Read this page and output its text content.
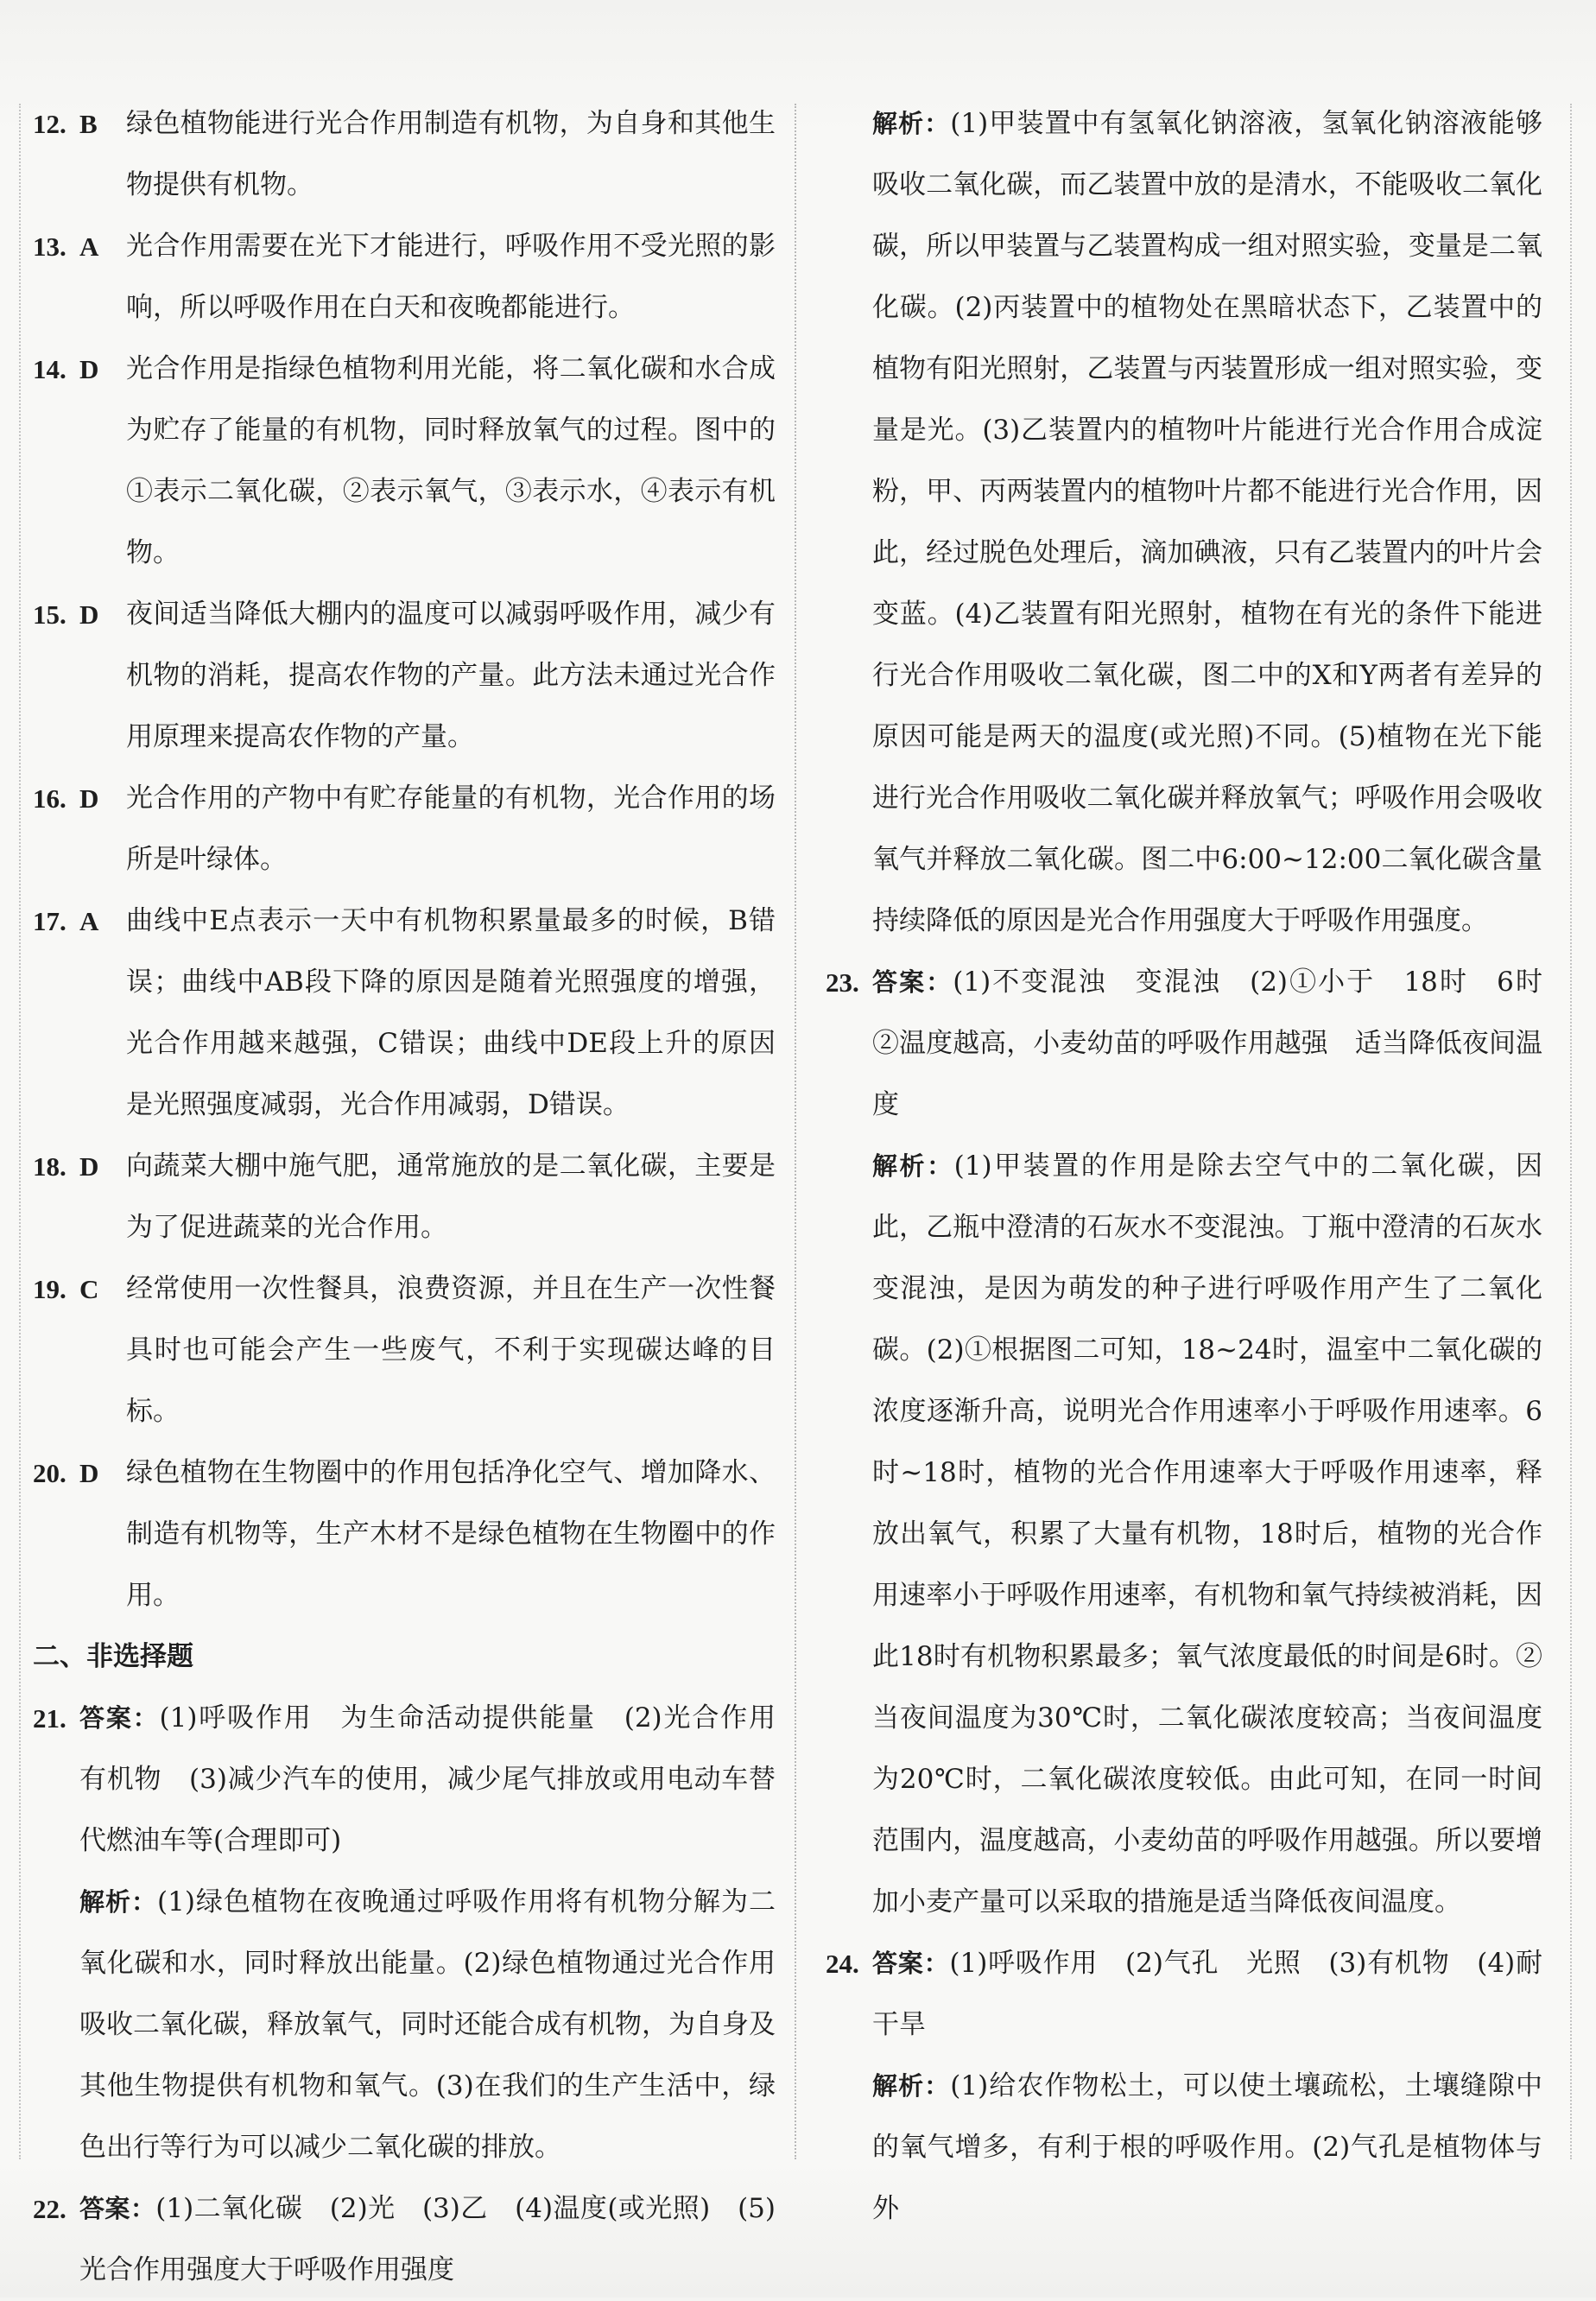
12. B	绿色植物能进行光合作用制造有机物，为自身和其他生物提供有机物。
13. A	光合作用需要在光下才能进行，呼吸作用不受光照的影响，所以呼吸作用在白天和夜晚都能进行。
14. D	光合作用是指绿色植物利用光能，将二氧化碳和水合成为贮存了能量的有机物，同时释放氧气的过程。图中的①表示二氧化碳，②表示氧气，③表示水，④表示有机物。
15. D	夜间适当降低大棚内的温度可以减弱呼吸作用，减少有机物的消耗，提高农作物的产量。此方法未通过光合作用原理来提高农作物的产量。
16. D	光合作用的产物中有贮存能量的有机物，光合作用的场所是叶绿体。
17. A	曲线中E点表示一天中有机物积累量最多的时候，B错误；曲线中AB段下降的原因是随着光照强度的增强，光合作用越来越强，C错误；曲线中DE段上升的原因是光照强度减弱，光合作用减弱，D错误。
18. D	向蔬菜大棚中施气肥，通常施放的是二氧化碳，主要是为了促进蔬菜的光合作用。
19. C	经常使用一次性餐具，浪费资源，并且在生产一次性餐具时也可能会产生一些废气，不利于实现碳达峰的目标。
20. D	绿色植物在生物圈中的作用包括净化空气、增加降水、制造有机物等，生产木材不是绿色植物在生物圈中的作用。
二、非选择题
21. 答案：(1)呼吸作用　为生命活动提供能量　(2)光合作用　有机物　(3)减少汽车的使用，减少尾气排放或用电动车替代燃油车等(合理即可)
解析：(1)绿色植物在夜晚通过呼吸作用将有机物分解为二氧化碳和水，同时释放出能量。(2)绿色植物通过光合作用吸收二氧化碳，释放氧气，同时还能合成有机物，为自身及其他生物提供有机物和氧气。(3)在我们的生产生活中，绿色出行等行为可以减少二氧化碳的排放。
22. 答案：(1)二氧化碳　(2)光　(3)乙　(4)温度(或光照)　(5)光合作用强度大于呼吸作用强度
解析：(1)甲装置中有氢氧化钠溶液，氢氧化钠溶液能够吸收二氧化碳，而乙装置中放的是清水，不能吸收二氧化碳，所以甲装置与乙装置构成一组对照实验，变量是二氧化碳。(2)丙装置中的植物处在黑暗状态下，乙装置中的植物有阳光照射，乙装置与丙装置形成一组对照实验，变量是光。(3)乙装置内的植物叶片能进行光合作用合成淀粉，甲、丙两装置内的植物叶片都不能进行光合作用，因此，经过脱色处理后，滴加碘液，只有乙装置内的叶片会变蓝。(4)乙装置有阳光照射，植物在有光的条件下能进行光合作用吸收二氧化碳，图二中的X和Y两者有差异的原因可能是两天的温度(或光照)不同。(5)植物在光下能进行光合作用吸收二氧化碳并释放氧气；呼吸作用会吸收氧气并释放二氧化碳。图二中6:00~12:00二氧化碳含量持续降低的原因是光合作用强度大于呼吸作用强度。
23. 答案：(1)不变混浊　变混浊　(2)①小于　18时　6时　②温度越高，小麦幼苗的呼吸作用越强　适当降低夜间温度
解析：(1)甲装置的作用是除去空气中的二氧化碳，因此，乙瓶中澄清的石灰水不变混浊。丁瓶中澄清的石灰水变混浊，是因为萌发的种子进行呼吸作用产生了二氧化碳。(2)①根据图二可知，18~24时，温室中二氧化碳的浓度逐渐升高，说明光合作用速率小于呼吸作用速率。6时~18时，植物的光合作用速率大于呼吸作用速率，释放出氧气，积累了大量有机物，18时后，植物的光合作用速率小于呼吸作用速率，有机物和氧气持续被消耗，因此18时有机物积累最多；氧气浓度最低的时间是6时。②当夜间温度为30℃时，二氧化碳浓度较高；当夜间温度为20℃时，二氧化碳浓度较低。由此可知，在同一时间范围内，温度越高，小麦幼苗的呼吸作用越强。所以要增加小麦产量可以采取的措施是适当降低夜间温度。
24. 答案：(1)呼吸作用　(2)气孔　光照　(3)有机物　(4)耐干旱
解析：(1)给农作物松土，可以使土壤疏松，土壤缝隙中的氧气增多，有利于根的呼吸作用。(2)气孔是植物体与外
